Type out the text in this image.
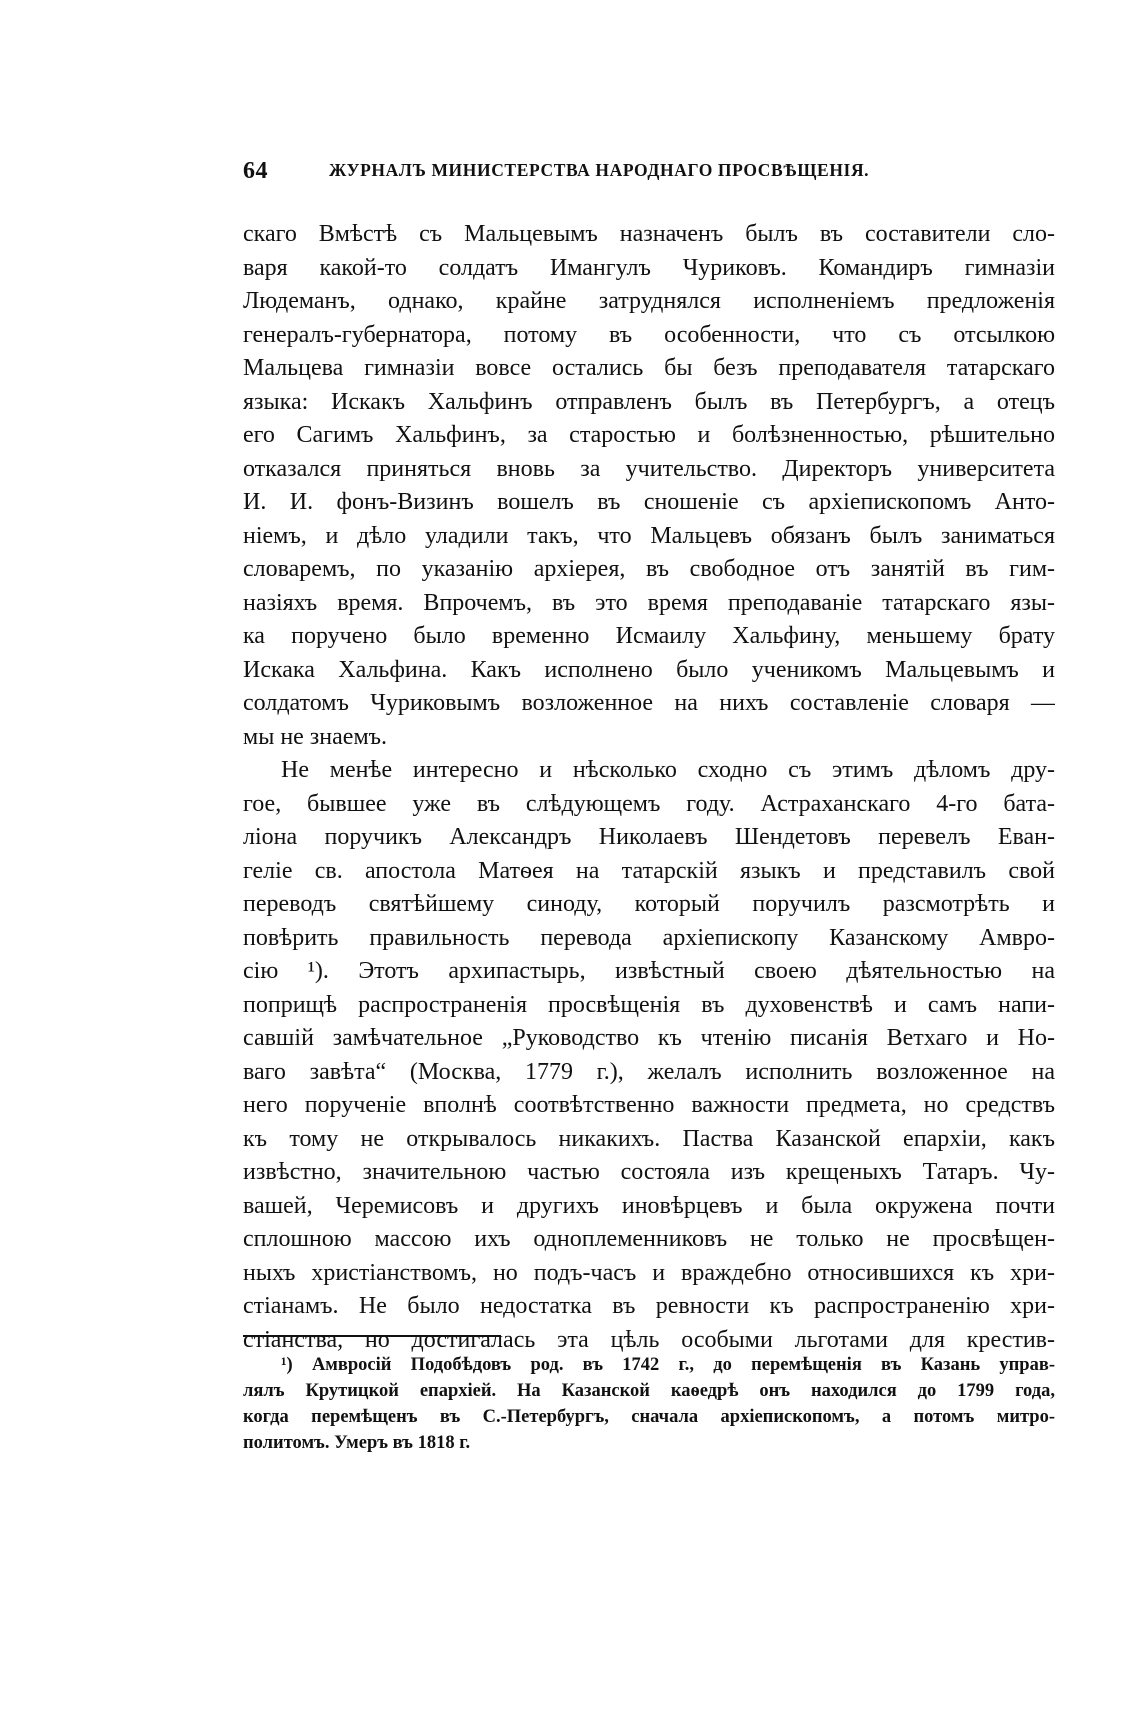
64	ЖУРНАЛЪ МИНИСТЕРСТВА НАРОДНАГО ПРОСВѢЩЕНІЯ.
скаго Вмѣстѣ съ Мальцевымъ назначенъ былъ въ составители сло-
варя какой-то солдатъ Имангулъ Чуриковъ. Командиръ гимназіи
Людеманъ, однако, крайне затруднялся исполненіемъ предложенія
генералъ-губернатора, потому въ особенности, что съ отсылкою
Мальцева гимназіи вовсе остались бы безъ преподавателя татарскаго
языка: Искакъ Хальфинъ отправленъ былъ въ Петербургъ, а отецъ
его Сагимъ Хальфинъ, за старостью и болѣзненностью, рѣшительно
отказался приняться вновь за учительство. Директоръ университета
И. И. фонъ-Визинъ вошелъ въ сношеніе съ архіепископомъ Анто-
ніемъ, и дѣло уладили такъ, что Мальцевъ обязанъ былъ заниматься
словаремъ, по указанію архіерея, въ свободное отъ занятій въ гим-
назіяхъ время. Впрочемъ, въ это время преподаваніе татарскаго язы-
ка поручено было временно Исмаилу Хальфину, меньшему брату
Искака Хальфина. Какъ исполнено было ученикомъ Мальцевымъ и
солдатомъ Чуриковымъ возложенное на нихъ составленіе словаря —
мы не знаемъ.
Не менѣе интересно и нѣсколько сходно съ этимъ дѣломъ дру-
гое, бывшее уже въ слѣдующемъ году. Астраханскаго 4-го бата-
ліона поручикъ Александръ Николаевъ Шендетовъ перевелъ Еван-
геліе св. апостола Матѳея на татарскій языкъ и представилъ свой
переводъ святѣйшему синоду, который поручилъ разсмотрѣть и
повѣрить правильность перевода архіепископу Казанскому Амвро-
сію ¹). Этотъ архипастырь, извѣстный своею дѣятельностью на
поприщѣ распространенія просвѣщенія въ духовенствѣ и самъ напи-
савшій замѣчательное „Руководство къ чтенію писанія Ветхаго и Но-
ваго завѣта“ (Москва, 1779 г.), желалъ исполнить возложенное на
него порученіе вполнѣ соотвѣтственно важности предмета, но средствъ
къ тому не открывалось никакихъ. Паства Казанской епархіи, какъ
извѣстно, значительною частью состояла изъ крещеныхъ Татаръ. Чу-
вашей, Черемисовъ и другихъ иновѣрцевъ и была окружена почти
сплошною массою ихъ одноплеменниковъ не только не просвѣщен-
ныхъ христіанствомъ, но подъ-часъ и враждебно относившихся къ хри-
стіанамъ. Не было недостатка въ ревности къ распространенію хри-
стіанства, но достигалась эта цѣль особыми льготами для крестив-
¹) Амвросій Подобѣдовъ род. въ 1742 г., до перемѣщенія въ Казань управ-
лялъ Крутицкой епархіей. На Казанской каѳедрѣ онъ находился до 1799 года,
когда перемѣщенъ въ С.-Петербургъ, сначала архіепископомъ, а потомъ митро-
политомъ. Умеръ въ 1818 г.
